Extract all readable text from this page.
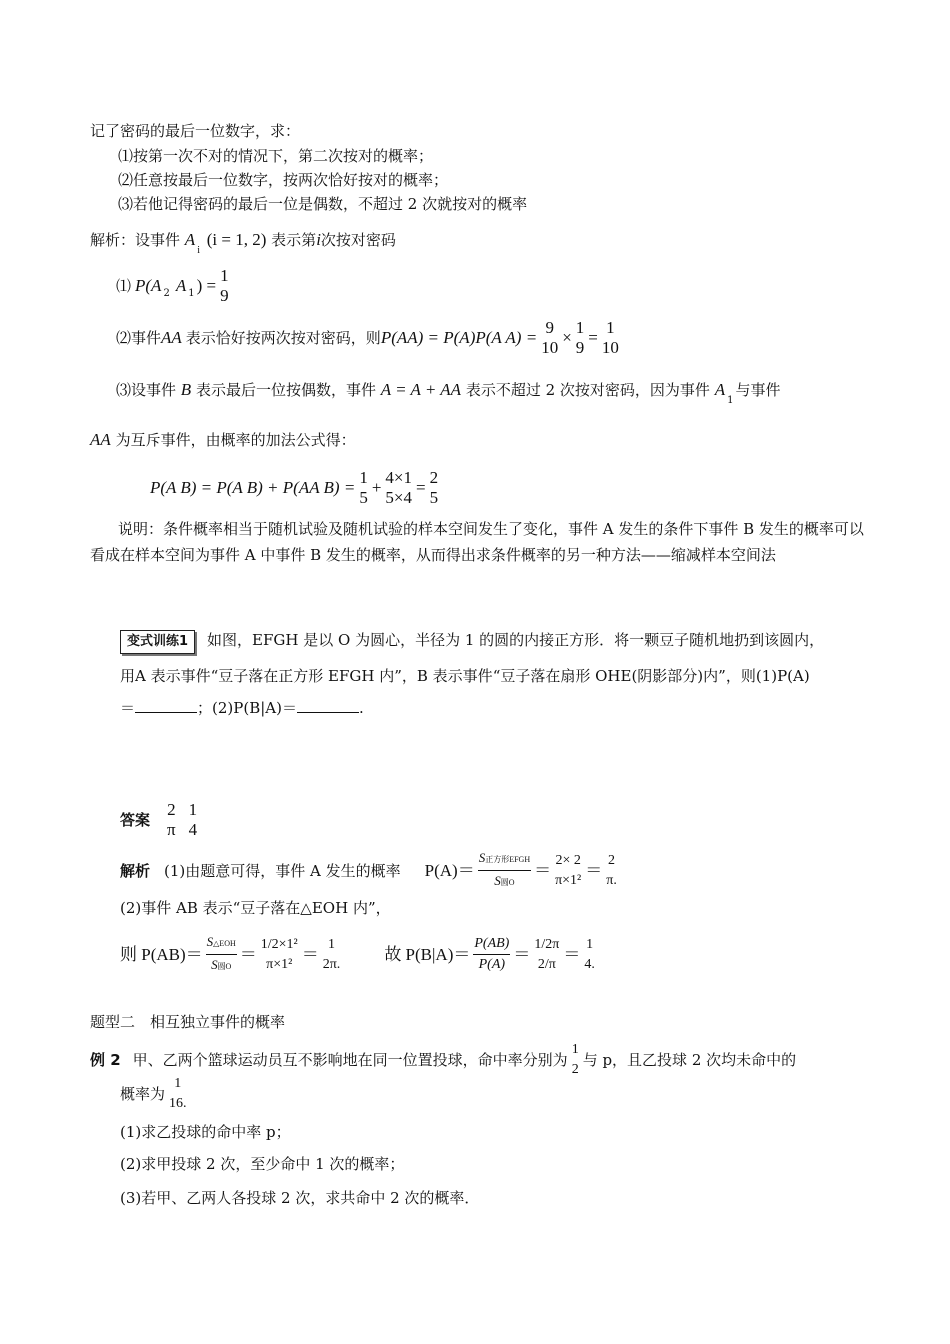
记了密码的最后一位数字，求：
⑴按第一次不对的情况下，第二次按对的概率；
⑵任意按最后一位数字，按两次恰好按对的概率；
⑶若他记得密码的最后一位是偶数，不超过 2 次就按对的概率
解析：设事件 $A_i$ (i = 1, 2) 表示第i次按对密码
⑴ P(A 2 A 1 ) =
1
9
⑵事件 AA 表示恰好按两次按对密码，则 P(AA) = P(A)P(A A) =
9
10
×
1
9
=
1
10
⑶设事件 B 表示最后一位按偶数，事件 A = A + AA 表示不超过 2 次按对密码，因为事件 $A_1$与事件
AA 为互斥事件，由概率的加法公式得：
P(A B) = P(A B) + P(AA B) =
1
5
+
4×1
5×4
=
2
5
说明：条件概率相当于随机试验及随机试验的样本空间发生了变化，事件 A 发生的条件下事件 B 发生的概率可以看成在样本空间为事件 A 中事件 B 发生的概率，从而得出求条件概率的另一种方法——缩减样本空间法
变式训练1 如图，EFGH 是以 O 为圆心，半径为 1 的圆的内接正方形．将一颗豆子随机地扔到该圆内，
用A 表示事件“豆子落在正方形 EFGH 内”，B 表示事件“豆子落在扇形 OHE(阴影部分)内”，则(1)P(A)
＝	；(2)P(B|A)＝	.
答案
2
π
1
4
解析 (1)由题意可得，事件 A 发生的概率 $P(A)= \frac{\text{S正方形EFGH}}{\text{S圆O}}$ ＝
2× 2
π×1²
＝
2
π.
(2)事件 AB 表示“豆子落在△EOH 内”，
则 $P(AB)= \frac{\text{S△EOH}}{\text{S圆O}}$ ＝
1/2×1²
π×1²
＝
1
2π.
故 $P(B|A)= \frac{P(AB)}{P(A)}$ ＝
1/2π
2/π
＝
1
4.
题型二　相互独立事件的概率
例 2 甲、乙两个篮球运动员互不影响地在同一位置投球，命中率分别为
1
2
与 p，且乙投球 2 次均未命中的
概率为
1
16.
(1)求乙投球的命中率 p；
(2)求甲投球 2 次，至少命中 1 次的概率；
(3)若甲、乙两人各投球 2 次，求共命中 2 次的概率．
